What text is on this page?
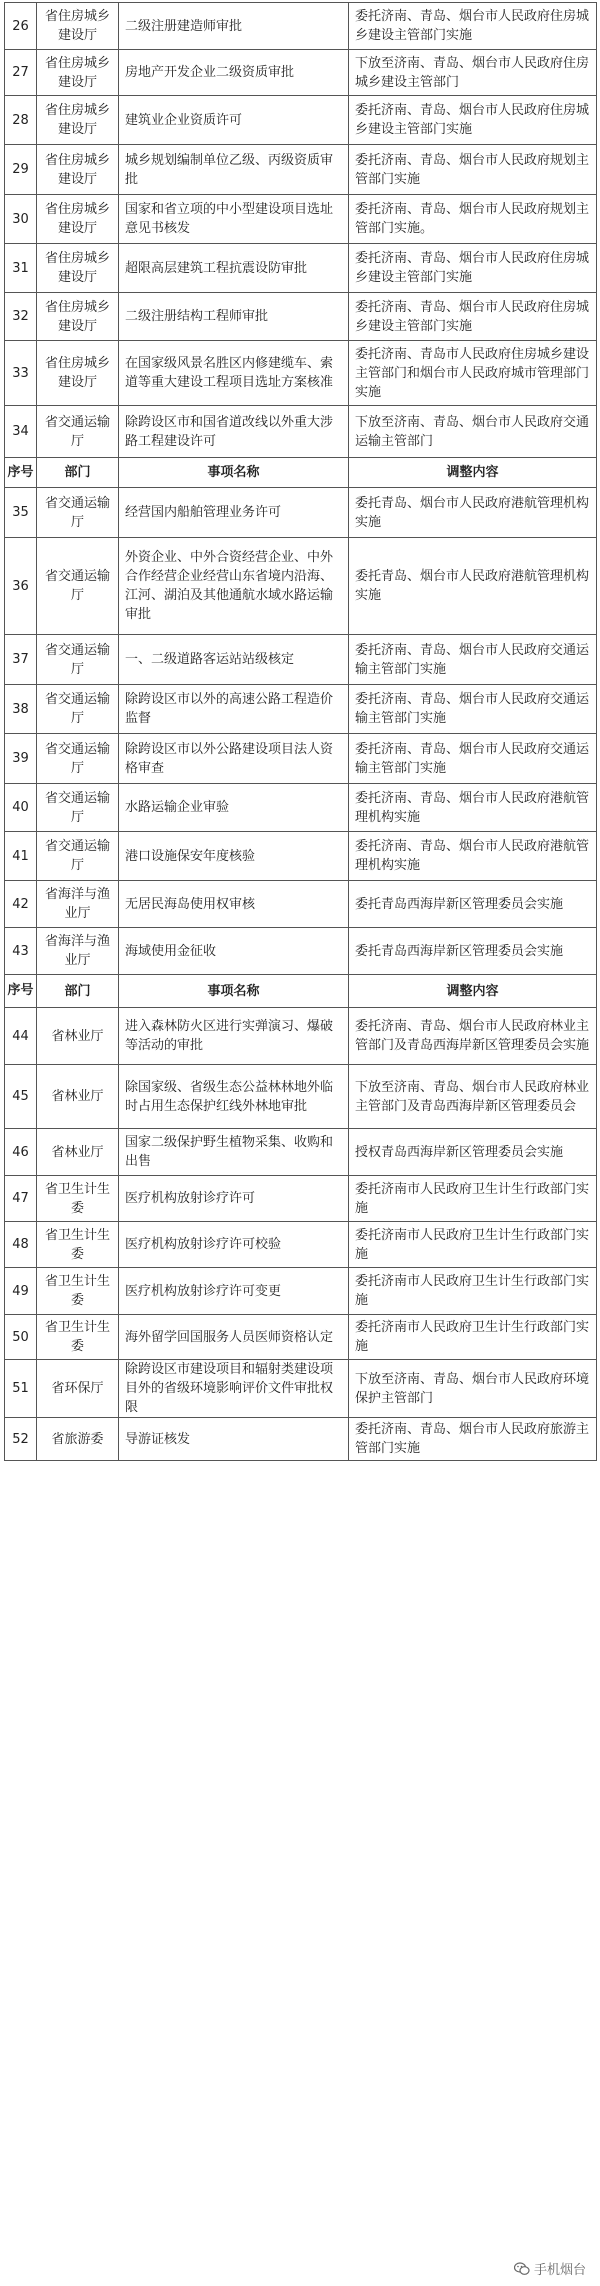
26	省住房城乡建设厅	二级注册建造师审批	委托济南、青岛、烟台市人民政府住房城乡建设主管部门实施
27	省住房城乡建设厅	房地产开发企业二级资质审批	下放至济南、青岛、烟台市人民政府住房城乡建设主管部门
28	省住房城乡建设厅	建筑业企业资质许可	委托济南、青岛、烟台市人民政府住房城乡建设主管部门实施
29	省住房城乡建设厅	城乡规划编制单位乙级、丙级资质审批	委托济南、青岛、烟台市人民政府规划主管部门实施
30	省住房城乡建设厅	国家和省立项的中小型建设项目选址意见书核发	委托济南、青岛、烟台市人民政府规划主管部门实施。
31	省住房城乡建设厅	超限高层建筑工程抗震设防审批	委托济南、青岛、烟台市人民政府住房城乡建设主管部门实施
32	省住房城乡建设厅	二级注册结构工程师审批	委托济南、青岛、烟台市人民政府住房城乡建设主管部门实施
33	省住房城乡建设厅	在国家级风景名胜区内修建缆车、索道等重大建设工程项目选址方案核准	委托济南、青岛市人民政府住房城乡建设主管部门和烟台市人民政府城市管理部门实施
34	省交通运输厅	除跨设区市和国省道改线以外重大涉路工程建设许可	下放至济南、青岛、烟台市人民政府交通运输主管部门
序号	部门	事项名称	调整内容
35	省交通运输厅	经营国内船舶管理业务许可	委托青岛、烟台市人民政府港航管理机构实施
36	省交通运输厅	外资企业、中外合资经营企业、中外合作经营企业经营山东省境内沿海、江河、湖泊及其他通航水域水路运输审批	委托青岛、烟台市人民政府港航管理机构实施
37	省交通运输厅	一、二级道路客运站站级核定	委托济南、青岛、烟台市人民政府交通运输主管部门实施
38	省交通运输厅	除跨设区市以外的高速公路工程造价监督	委托济南、青岛、烟台市人民政府交通运输主管部门实施
39	省交通运输厅	除跨设区市以外公路建设项目法人资格审查	委托济南、青岛、烟台市人民政府交通运输主管部门实施
40	省交通运输厅	水路运输企业审验	委托济南、青岛、烟台市人民政府港航管理机构实施
41	省交通运输厅	港口设施保安年度核验	委托济南、青岛、烟台市人民政府港航管理机构实施
42	省海洋与渔业厅	无居民海岛使用权审核	委托青岛西海岸新区管理委员会实施
43	省海洋与渔业厅	海域使用金征收	委托青岛西海岸新区管理委员会实施
序号	部门	事项名称	调整内容
44	省林业厅	进入森林防火区进行实弹演习、爆破等活动的审批	委托济南、青岛、烟台市人民政府林业主管部门及青岛西海岸新区管理委员会实施
45	省林业厅	除国家级、省级生态公益林林地外临时占用生态保护红线外林地审批	下放至济南、青岛、烟台市人民政府林业主管部门及青岛西海岸新区管理委员会
46	省林业厅	国家二级保护野生植物采集、收购和出售	授权青岛西海岸新区管理委员会实施
47	省卫生计生委	医疗机构放射诊疗许可	委托济南市人民政府卫生计生行政部门实施
48	省卫生计生委	医疗机构放射诊疗许可校验	委托济南市人民政府卫生计生行政部门实施
49	省卫生计生委	医疗机构放射诊疗许可变更	委托济南市人民政府卫生计生行政部门实施
50	省卫生计生委	海外留学回国服务人员医师资格认定	委托济南市人民政府卫生计生行政部门实施
51	省环保厅	除跨设区市建设项目和辐射类建设项目外的省级环境影响评价文件审批权限	下放至济南、青岛、烟台市人民政府环境保护主管部门
52	省旅游委	导游证核发	委托济南、青岛、烟台市人民政府旅游主管部门实施
手机烟台
